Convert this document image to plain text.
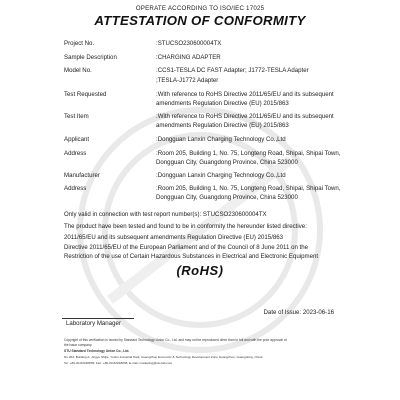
OPERATE ACCORDING TO ISO/IEC 17025
ATTESTATION OF CONFORMITY
Project No.	:STUCSO230600004TX
Sample Description	:CHARGING ADAPTER
Model No.	:CCS1-TESLA DC FAST Adapter; J1772-TESLA Adapter
;TESLA-J1772 Adapter
Test Requested	:With reference to RoHS Directive 2011/65/EU and its subsequent
amendments Regulation Directive (EU) 2015/863
Test Item	:With reference to RoHS Directive 2011/65/EU and its subsequent
amendments Regulation Directive (EU) 2015/863
Applicant	:Dongguan Lanxin Charging Technology Co.,Ltd
Address	:Room 205, Building 1, No. 75, Longteng Road, Shipai, Shipai Town,
Dongguan City, Guangdong Province, China 523000
Manufacturer	:Dongguan Lanxin Charging Technology Co.,Ltd
Address	:Room 205, Building 1, No. 75, Longteng Road, Shipai, Shipai Town,
Dongguan City, Guangdong Province, China 523000
Only valid in connection with test report number(s): STUCSO230600004TX
The product have been tested and found to be in conformity the hereunder listed directive:
2011/65/EU and its subsequent amendments Regulation Directive (EU) 2015/863
Directive 2011/65/EU of the European Parliament and of the Council of 8 June 2011 on the
Restriction of the use of Certain Hazardous Substances in Electrical and Electronic Equipment
(RoHS)
Date of Issue: 2023-06-16
Laboratory Manager
Copyright of this verification is owned by Standard Technology Union Co., Ltd. and may not be reproduced other than in full and with the prior approval of
the issue company.
STU Standard Technology Union Co., Ltd.
No.203, Building A, Jingye Shijie, Yushu Industrial Park, Guangzhou Economic & Technology Development Zone Guangzhou, Guangdong, China
Tel: +86-20-82018835, Fax: +86-20-82018838, E-mail: marketing@stu-lab.com
